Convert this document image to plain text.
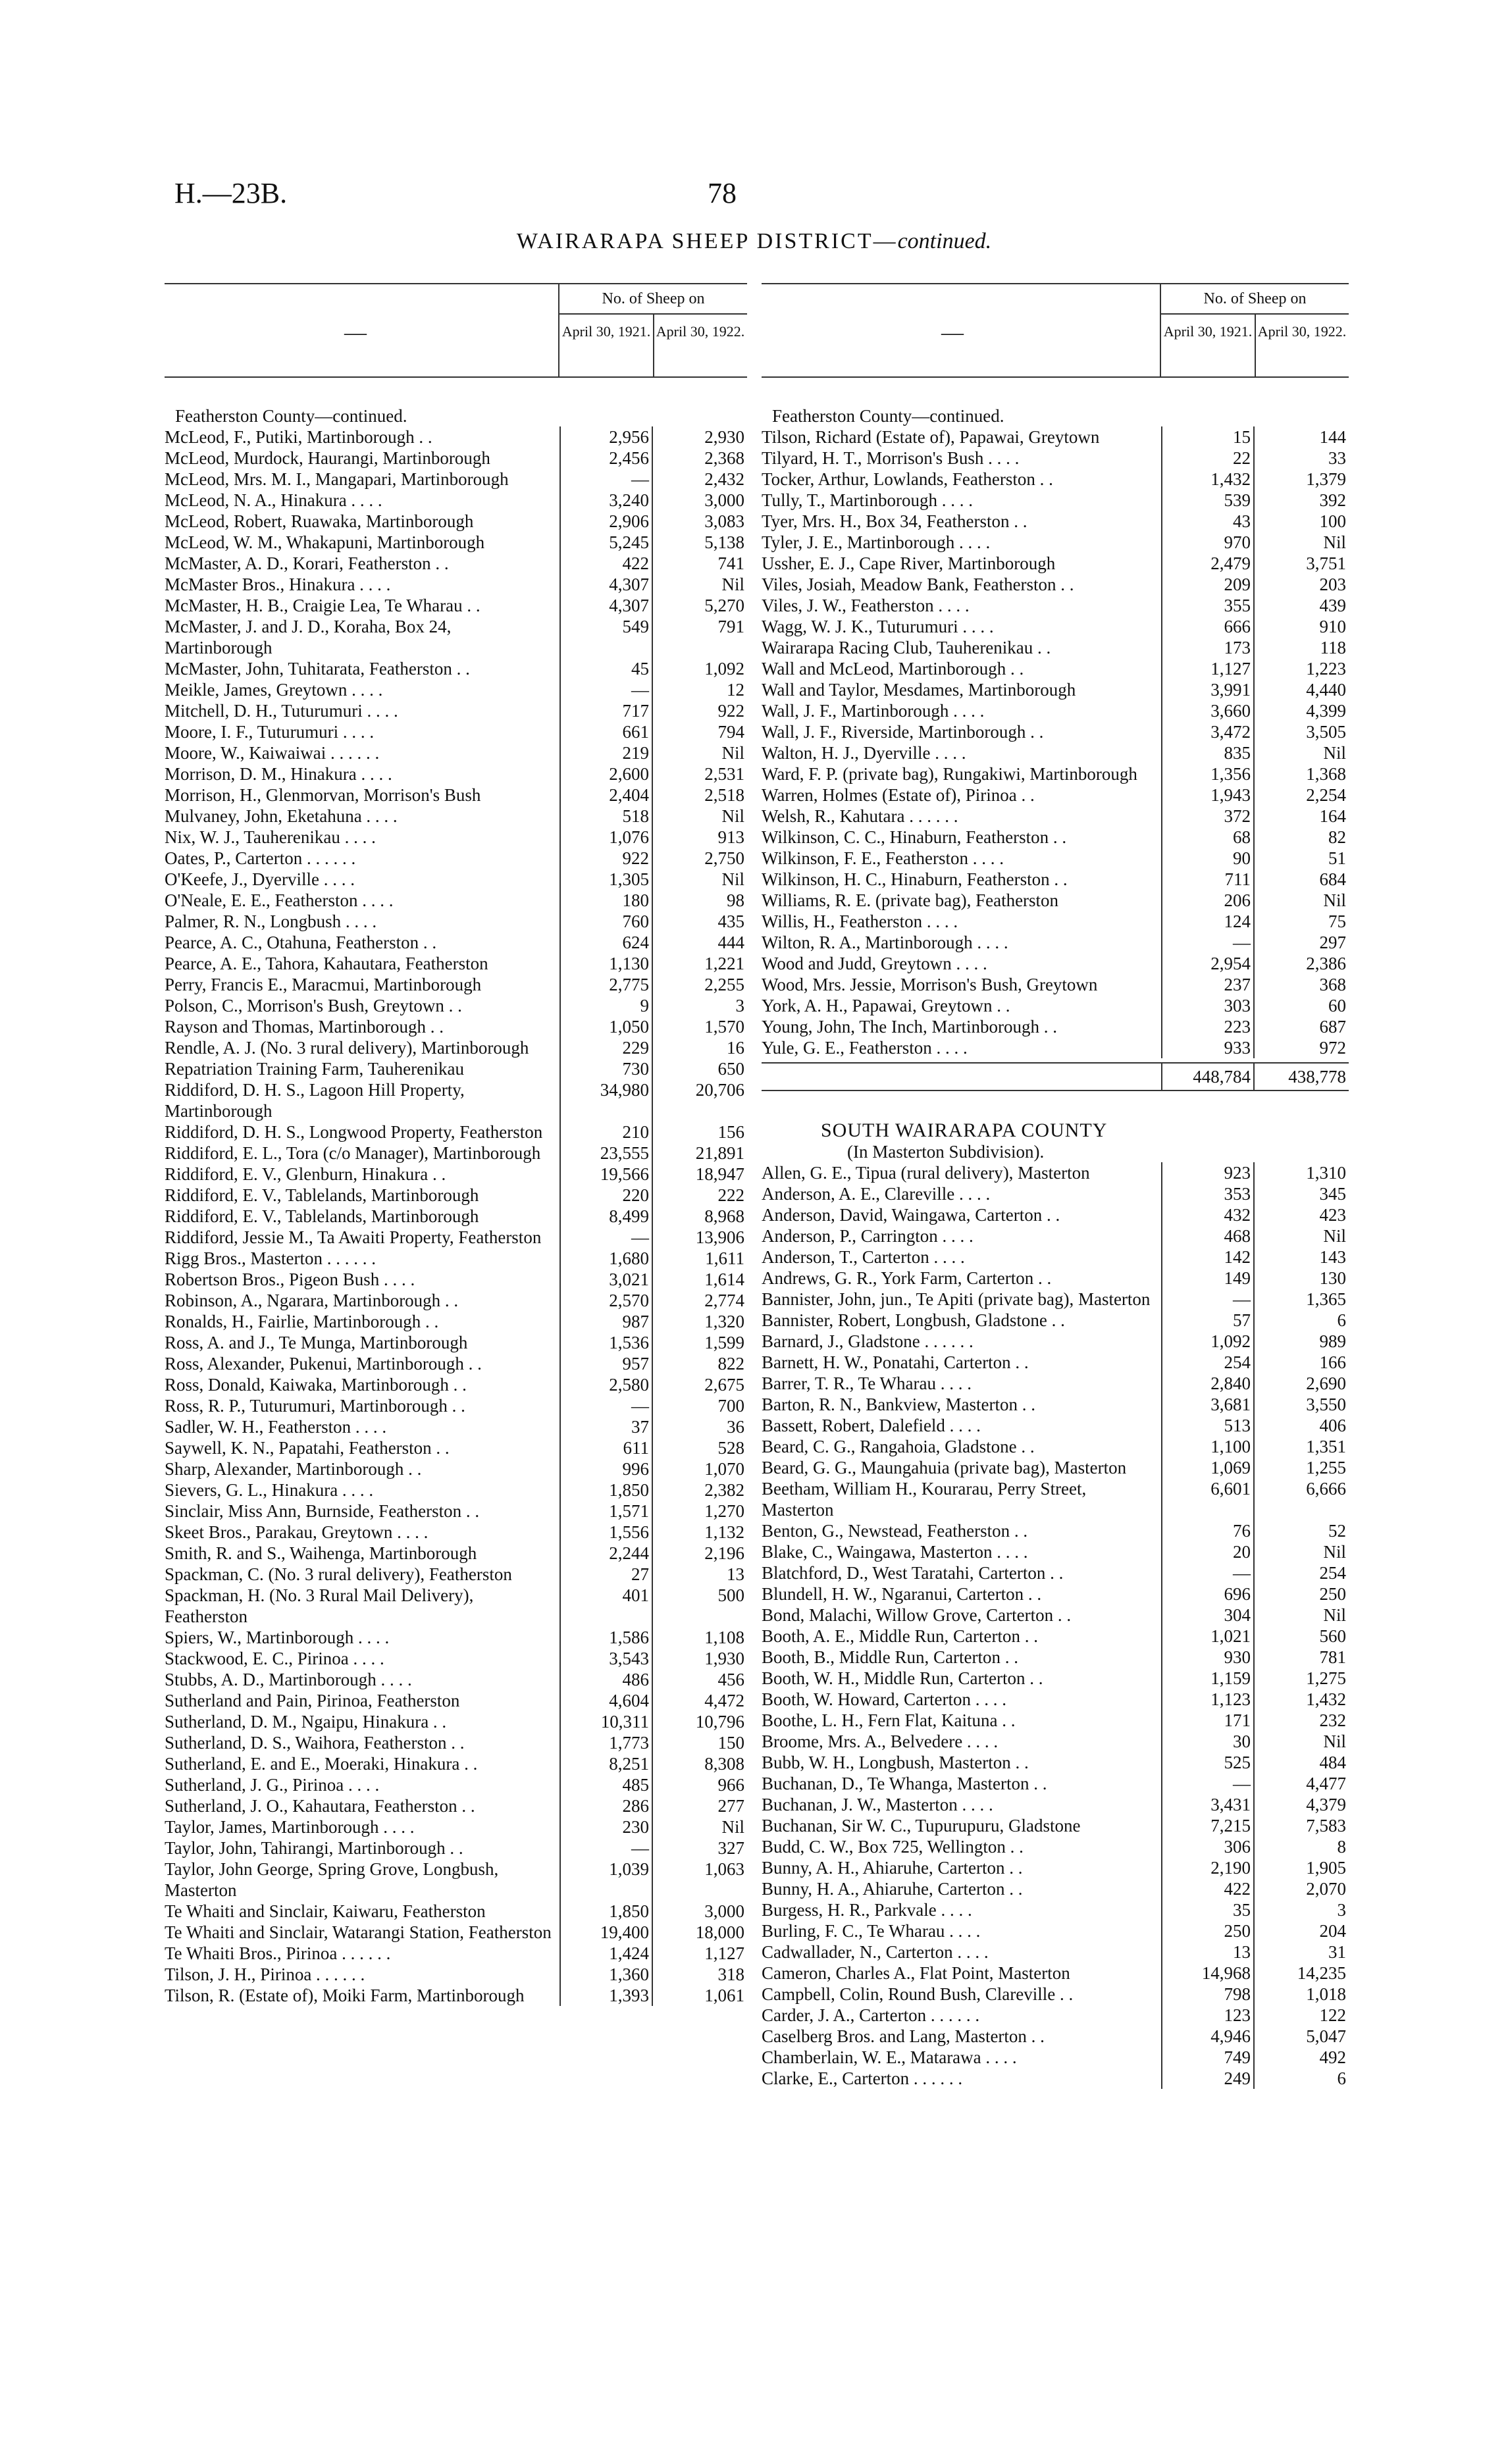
H.—23B.	78
WAIRARAPA SHEEP DISTRICT—continued.
—
No. of Sheep on
April 30, 1921. April 30, 1922.
Featherston County—continued.
McLeod, F., Putiki, Martinborough . .	2,956	2,930
McLeod, Murdock, Haurangi, Martinborough	2,456	2,368
McLeod, Mrs. M. I., Mangapari, Martinborough	—	2,432
McLeod, N. A., Hinakura . . . .	3,240	3,000
McLeod, Robert, Ruawaka, Martinborough	2,906	3,083
McLeod, W. M., Whakapuni, Martinborough	5,245	5,138
McMaster, A. D., Korari, Featherston . .	422	741
McMaster Bros., Hinakura . . . .	4,307	Nil
McMaster, H. B., Craigie Lea, Te Wharau . .	4,307	5,270
McMaster, J. and J. D., Koraha, Box 24, Martinborough
549	791
McMaster, John, Tuhitarata, Featherston . .	45	1,092
Meikle, James, Greytown . . . .	—	12
Mitchell, D. H., Tuturumuri . . . .	717	922
Moore, I. F., Tuturumuri . . . .	661	794
Moore, W., Kaiwaiwai . . . . . .	219	Nil
Morrison, D. M., Hinakura . . . .	2,600	2,531
Morrison, H., Glenmorvan, Morrison's Bush	2,404	2,518
Mulvaney, John, Eketahuna . . . .	518	Nil
Nix, W. J., Tauherenikau . . . .	1,076	913
Oates, P., Carterton . . . . . .	922	2,750
O'Keefe, J., Dyerville . . . .	1,305	Nil
O'Neale, E. E., Featherston . . . .	180	98
Palmer, R. N., Longbush . . . .	760	435
Pearce, A. C., Otahuna, Featherston . .	624	444
Pearce, A. E., Tahora, Kahautara, Featherston	1,130	1,221
Perry, Francis E., Maracmui, Martinborough	2,775	2,255
Polson, C., Morrison's Bush, Greytown . .	9	3
Rayson and Thomas, Martinborough . .	1,050	1,570
Rendle, A. J. (No. 3 rural delivery), Martinborough	229	16
Repatriation Training Farm, Tauherenikau	730	650
Riddiford, D. H. S., Lagoon Hill Property, Martinborough
34,980	20,706
Riddiford, D. H. S., Longwood Property, Featherston	210	156
Riddiford, E. L., Tora (c/o Manager), Martinborough	23,555	21,891
Riddiford, E. V., Glenburn, Hinakura . .	19,566	18,947
Riddiford, E. V., Tablelands, Martinborough	220	222
Riddiford, E. V., Tablelands, Martinborough	8,499	8,968
Riddiford, Jessie M., Ta Awaiti Property, Featherston	—	13,906
Rigg Bros., Masterton . . . . . .	1,680	1,611
Robertson Bros., Pigeon Bush . . . .	3,021	1,614
Robinson, A., Ngarara, Martinborough . .	2,570	2,774
Ronalds, H., Fairlie, Martinborough . .	987	1,320
Ross, A. and J., Te Munga, Martinborough	1,536	1,599
Ross, Alexander, Pukenui, Martinborough . .	957	822
Ross, Donald, Kaiwaka, Martinborough . .	2,580	2,675
Ross, R. P., Tuturumuri, Martinborough . .	—	700
Sadler, W. H., Featherston . . . .	37	36
Saywell, K. N., Papatahi, Featherston . .	611	528
Sharp, Alexander, Martinborough . .	996	1,070
Sievers, G. L., Hinakura . . . .	1,850	2,382
Sinclair, Miss Ann, Burnside, Featherston . .	1,571	1,270
Skeet Bros., Parakau, Greytown . . . .	1,556	1,132
Smith, R. and S., Waihenga, Martinborough	2,244	2,196
Spackman, C. (No. 3 rural delivery), Featherston	27	13
Spackman, H. (No. 3 Rural Mail Delivery), Featherston
401	500
Spiers, W., Martinborough . . . .	1,586	1,108
Stackwood, E. C., Pirinoa . . . .	3,543	1,930
Stubbs, A. D., Martinborough . . . .	486	456
Sutherland and Pain, Pirinoa, Featherston	4,604	4,472
Sutherland, D. M., Ngaipu, Hinakura . .	10,311	10,796
Sutherland, D. S., Waihora, Featherston . .	1,773	150
Sutherland, E. and E., Moeraki, Hinakura . .	8,251	8,308
Sutherland, J. G., Pirinoa . . . .	485	966
Sutherland, J. O., Kahautara, Featherston . .	286	277
Taylor, James, Martinborough . . . .	230	Nil
Taylor, John, Tahirangi, Martinborough . .	—	327
Taylor, John George, Spring Grove, Longbush, Masterton
1,039	1,063
Te Whaiti and Sinclair, Kaiwaru, Featherston	1,850	3,000
Te Whaiti and Sinclair, Watarangi Station, Featherston	19,400	18,000
Te Whaiti Bros., Pirinoa . . . . . .	1,424	1,127
Tilson, J. H., Pirinoa . . . . . .	1,360	318
Tilson, R. (Estate of), Moiki Farm, Martinborough	1,393	1,061
—
No. of Sheep on
April 30, 1921. April 30, 1922.
Featherston County—continued.
Tilson, Richard (Estate of), Papawai, Greytown	15	144
Tilyard, H. T., Morrison's Bush . . . .	22	33
Tocker, Arthur, Lowlands, Featherston . .	1,432	1,379
Tully, T., Martinborough . . . .	539	392
Tyer, Mrs. H., Box 34, Featherston . .	43	100
Tyler, J. E., Martinborough . . . .	970	Nil
Ussher, E. J., Cape River, Martinborough	2,479	3,751
Viles, Josiah, Meadow Bank, Featherston . .	209	203
Viles, J. W., Featherston . . . .	355	439
Wagg, W. J. K., Tuturumuri . . . .	666	910
Wairarapa Racing Club, Tauherenikau . .	173	118
Wall and McLeod, Martinborough . .	1,127	1,223
Wall and Taylor, Mesdames, Martinborough	3,991	4,440
Wall, J. F., Martinborough . . . .	3,660	4,399
Wall, J. F., Riverside, Martinborough . .	3,472	3,505
Walton, H. J., Dyerville . . . .	835	Nil
Ward, F. P. (private bag), Rungakiwi, Martinborough	1,356	1,368
Warren, Holmes (Estate of), Pirinoa . .	1,943	2,254
Welsh, R., Kahutara . . . . . .	372	164
Wilkinson, C. C., Hinaburn, Featherston . .	68	82
Wilkinson, F. E., Featherston . . . .	90	51
Wilkinson, H. C., Hinaburn, Featherston . .	711	684
Williams, R. E. (private bag), Featherston	206	Nil
Willis, H., Featherston . . . .	124	75
Wilton, R. A., Martinborough . . . .	—	297
Wood and Judd, Greytown . . . .	2,954	2,386
Wood, Mrs. Jessie, Morrison's Bush, Greytown	237	368
York, A. H., Papawai, Greytown . .	303	60
Young, John, The Inch, Martinborough . .	223	687
Yule, G. E., Featherston . . . .	933	972
448,784	438,778
SOUTH WAIRARAPA COUNTY
(In Masterton Subdivision).
Allen, G. E., Tipua (rural delivery), Masterton	923	1,310
Anderson, A. E., Clareville . . . .	353	345
Anderson, David, Waingawa, Carterton . .	432	423
Anderson, P., Carrington . . . .	468	Nil
Anderson, T., Carterton . . . .	142	143
Andrews, G. R., York Farm, Carterton . .	149	130
Bannister, John, jun., Te Apiti (private bag), Masterton	—	1,365
Bannister, Robert, Longbush, Gladstone . .	57	6
Barnard, J., Gladstone . . . . . .	1,092	989
Barnett, H. W., Ponatahi, Carterton . .	254	166
Barrer, T. R., Te Wharau . . . .	2,840	2,690
Barton, R. N., Bankview, Masterton . .	3,681	3,550
Bassett, Robert, Dalefield . . . .	513	406
Beard, C. G., Rangahoia, Gladstone . .	1,100	1,351
Beard, G. G., Maungahuia (private bag), Masterton	1,069	1,255
Beetham, William H., Kourarau, Perry Street, Masterton
6,601	6,666
Benton, G., Newstead, Featherston . .	76	52
Blake, C., Waingawa, Masterton . . . .	20	Nil
Blatchford, D., West Taratahi, Carterton . .	—	254
Blundell, H. W., Ngaranui, Carterton . .	696	250
Bond, Malachi, Willow Grove, Carterton . .	304	Nil
Booth, A. E., Middle Run, Carterton . .	1,021	560
Booth, B., Middle Run, Carterton . .	930	781
Booth, W. H., Middle Run, Carterton . .	1,159	1,275
Booth, W. Howard, Carterton . . . .	1,123	1,432
Boothe, L. H., Fern Flat, Kaituna . .	171	232
Broome, Mrs. A., Belvedere . . . .	30	Nil
Bubb, W. H., Longbush, Masterton . .	525	484
Buchanan, D., Te Whanga, Masterton . .	—	4,477
Buchanan, J. W., Masterton . . . .	3,431	4,379
Buchanan, Sir W. C., Tupurupuru, Gladstone	7,215	7,583
Budd, C. W., Box 725, Wellington . .	306	8
Bunny, A. H., Ahiaruhe, Carterton . .	2,190	1,905
Bunny, H. A., Ahiaruhe, Carterton . .	422	2,070
Burgess, H. R., Parkvale . . . .	35	3
Burling, F. C., Te Wharau . . . .	250	204
Cadwallader, N., Carterton . . . .	13	31
Cameron, Charles A., Flat Point, Masterton	14,968	14,235
Campbell, Colin, Round Bush, Clareville . .	798	1,018
Carder, J. A., Carterton . . . . . .	123	122
Caselberg Bros. and Lang, Masterton . .	4,946	5,047
Chamberlain, W. E., Matarawa . . . .	749	492
Clarke, E., Carterton . . . . . .	249	6
